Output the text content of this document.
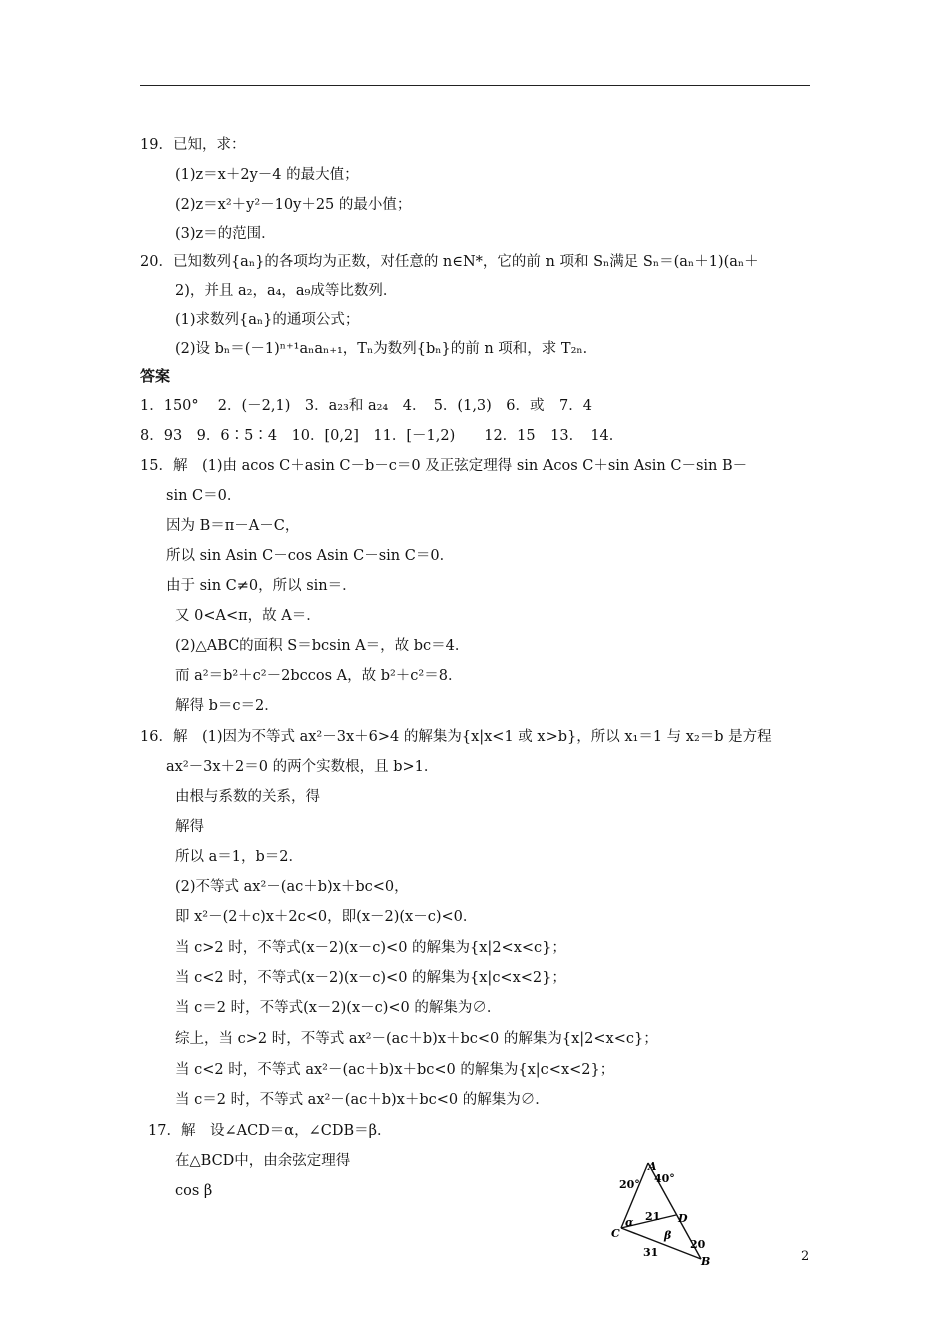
19．已知，求：
(1)z＝x＋2y－4 的最大值；
(2)z＝x²＋y²－10y＋25 的最小值；
(3)z＝的范围．
20．已知数列{aₙ}的各项均为正数，对任意的 n∈N*，它的前 n 项和 Sₙ满足 Sₙ＝(aₙ＋1)(aₙ＋
2)，并且 a₂，a₄，a₉成等比数列．
(1)求数列{aₙ}的通项公式；
(2)设 bₙ＝(－1)ⁿ⁺¹aₙaₙ₊₁，Tₙ为数列{bₙ}的前 n 项和，求 T₂ₙ．
答案
1．150°　 2．(－2,1)　3．a₂₃和 a₂₄　4．　5．(1,3)　6．或　7．4
8．93　9．6∶5∶4　10．[0,2]　11．[－1,2)　　12．15　13．　14．
15．解　(1)由 acos C＋asin C－b－c＝0 及正弦定理得 sin Acos C＋sin Asin C－sin B－
sin C＝0．
因为 B＝π－A－C，
所以 sin Asin C－cos Asin C－sin C＝0．
由于 sin C≠0，所以 sin＝．
又 0<A<π，故 A＝．
(2)△ABC的面积 S＝bcsin A＝，故 bc＝4．
而 a²＝b²＋c²－2bccos A，故 b²＋c²＝8．
解得 b＝c＝2．
16．解　(1)因为不等式 ax²－3x＋6>4 的解集为{x|x<1 或 x>b}，所以 x₁＝1 与 x₂＝b 是方程
ax²－3x＋2＝0 的两个实数根，且 b>1．
由根与系数的关系，得
解得
所以 a＝1，b＝2．
(2)不等式 ax²－(ac＋b)x＋bc<0，
即 x²－(2＋c)x＋2c<0，即(x－2)(x－c)<0．
当 c>2 时，不等式(x－2)(x－c)<0 的解集为{x|2<x<c}；
当 c<2 时，不等式(x－2)(x－c)<0 的解集为{x|c<x<2}；
当 c＝2 时，不等式(x－2)(x－c)<0 的解集为∅．
综上，当 c>2 时，不等式 ax²－(ac＋b)x＋bc<0 的解集为{x|2<x<c}；
当 c<2 时，不等式 ax²－(ac＋b)x＋bc<0 的解集为{x|c<x<2}；
当 c＝2 时，不等式 ax²－(ac＋b)x＋bc<0 的解集为∅．
17．解　设∠ACD＝α，∠CDB＝β．
在△BCD中，由余弦定理得
cos β
A
20° 40°
α 21 D
C	β
20
31
B	2
